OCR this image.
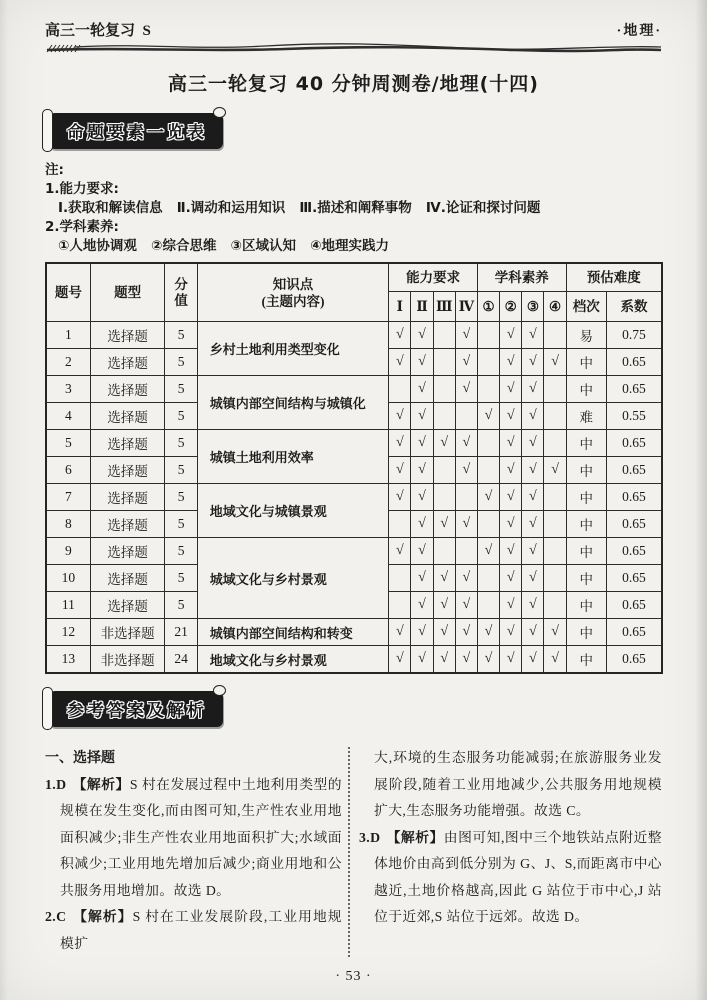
高三一轮复习  S	·地理·
高三一轮复习 40 分钟周测卷/地理(十四)
命题要素一览表
注:
1.能力要求:
Ⅰ.获取和解读信息   Ⅱ.调动和运用知识   Ⅲ.描述和阐释事物   Ⅳ.论证和探讨问题
2.学科素养:
①人地协调观   ②综合思维   ③区域认知   ④地理实践力
题号	题型	分值	知识点
(主题内容)	能力要求				学科素养				预估难度	
				Ⅰ	Ⅱ	Ⅲ	Ⅳ	①	②	③	④	档次	系数
1	选择题	5	乡村土地利用类型变化	√	√		√		√	√		易	0.75
2	选择题	5		√	√		√		√	√	√	中	0.65
3	选择题	5	城镇内部空间结构与城镇化		√		√		√	√		中	0.65
4	选择题	5		√	√			√	√	√		难	0.55
5	选择题	5	城镇土地利用效率	√	√	√	√		√	√		中	0.65
6	选择题	5		√	√		√		√	√	√	中	0.65
7	选择题	5	地域文化与城镇景观	√	√			√	√	√		中	0.65
8	选择题	5			√	√	√		√	√		中	0.65
9	选择题	5	城域文化与乡村景观	√	√			√	√	√		中	0.65
10	选择题	5			√	√	√		√	√		中	0.65
11	选择题	5			√	√	√		√	√		中	0.65
12	非选择题	21	城镇内部空间结构和转变	√	√	√	√	√	√	√	√	中	0.65
13	非选择题	24	地域文化与乡村景观	√	√	√	√	√	√	√	√	中	0.65
参考答案及解析
一、选择题

1.D 【解析】S 村在发展过程中土地利用类型的规模在发生变化,而由图可知,生产性农业用地面积减少;非生产性农业用地面积扩大;水域面积减少;工业用地先增加后减少;商业用地和公共服务用地增加。故选 D。

2.C 【解析】S 村在工业发展阶段,工业用地规模扩

大,环境的生态服务功能减弱;在旅游服务业发展阶段,随着工业用地减少,公共服务用地规模扩大,生态服务功能增强。故选 C。

3.D 【解析】由图可知,图中三个地铁站点附近整体地价由高到低分别为 G、J、S,而距离市中心越近,土地价格越高,因此 G 站位于市中心,J 站位于近郊,S 站位于远郊。故选 D。

· 53 ·
